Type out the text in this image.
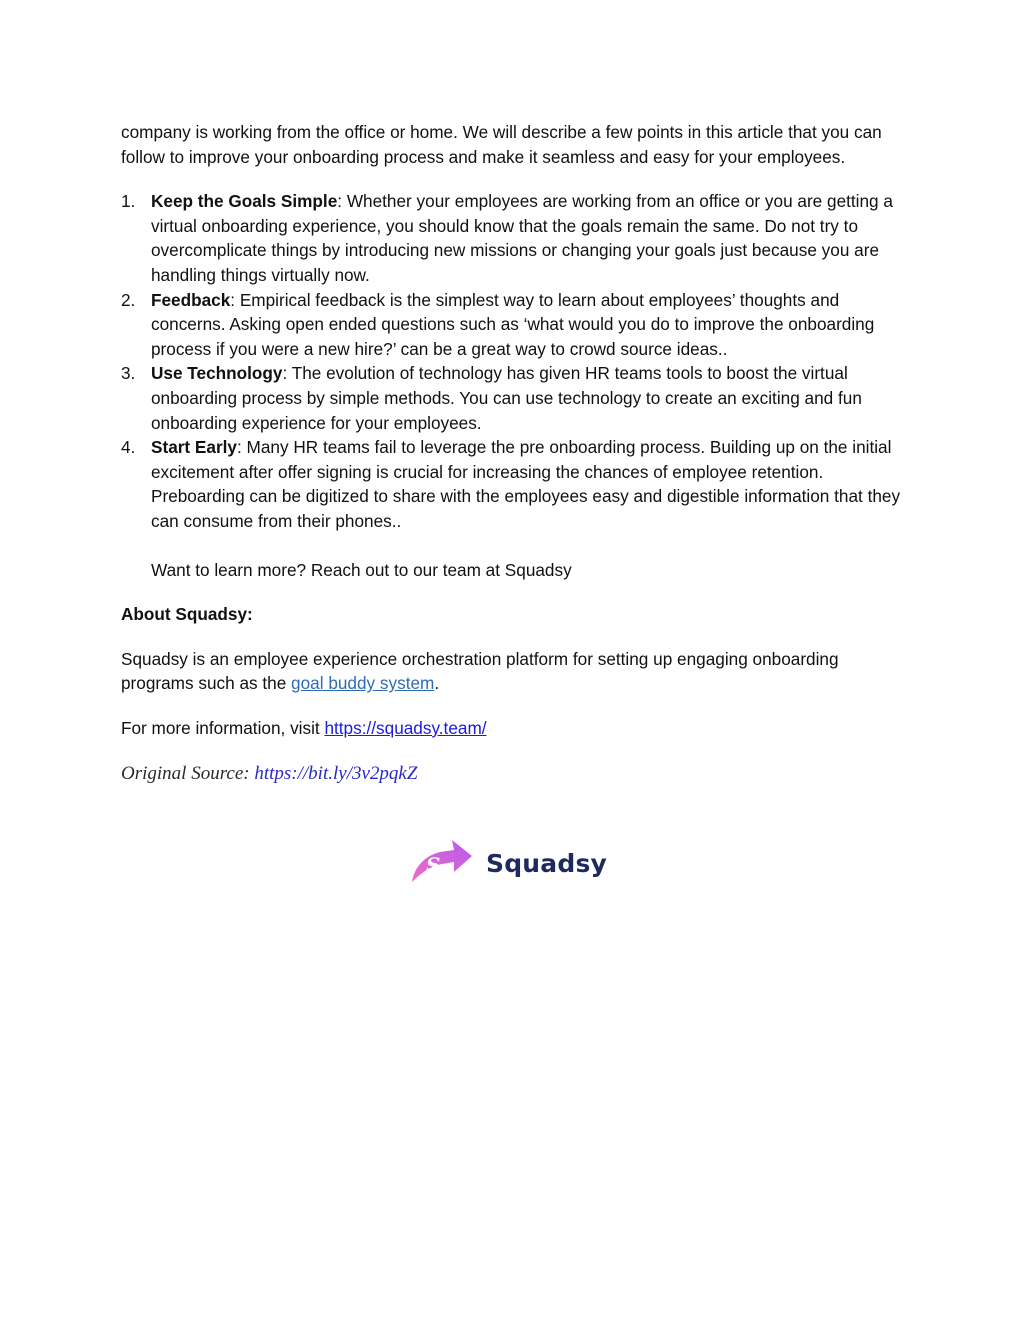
company is working from the office or home. We will describe a few points in this article that you can follow to improve your onboarding process and make it seamless and easy for your employees.

1. Keep the Goals Simple: Whether your employees are working from an office or you are getting a virtual onboarding experience, you should know that the goals remain the same. Do not try to overcomplicate things by introducing new missions or changing your goals just because you are handling things virtually now.
2. Feedback: Empirical feedback is the simplest way to learn about employees’ thoughts and concerns. Asking open ended questions such as ‘what would you do to improve the onboarding process if you were a new hire?’ can be a great way to crowd source ideas..
3. Use Technology: The evolution of technology has given HR teams tools to boost the virtual onboarding process by simple methods. You can use technology to create an exciting and fun onboarding experience for your employees.
4. Start Early: Many HR teams fail to leverage the pre onboarding process. Building up on the initial excitement after offer signing is crucial for increasing the chances of employee retention. Preboarding can be digitized to share with the employees easy and digestible information that they can consume from their phones..

Want to learn more? Reach out to our team at Squadsy

About Squadsy:

Squadsy is an employee experience orchestration platform for setting up engaging onboarding programs such as the goal buddy system.

For more information, visit https://squadsy.team/

Original Source: https://bit.ly/3v2pqkZ

S Squadsy
